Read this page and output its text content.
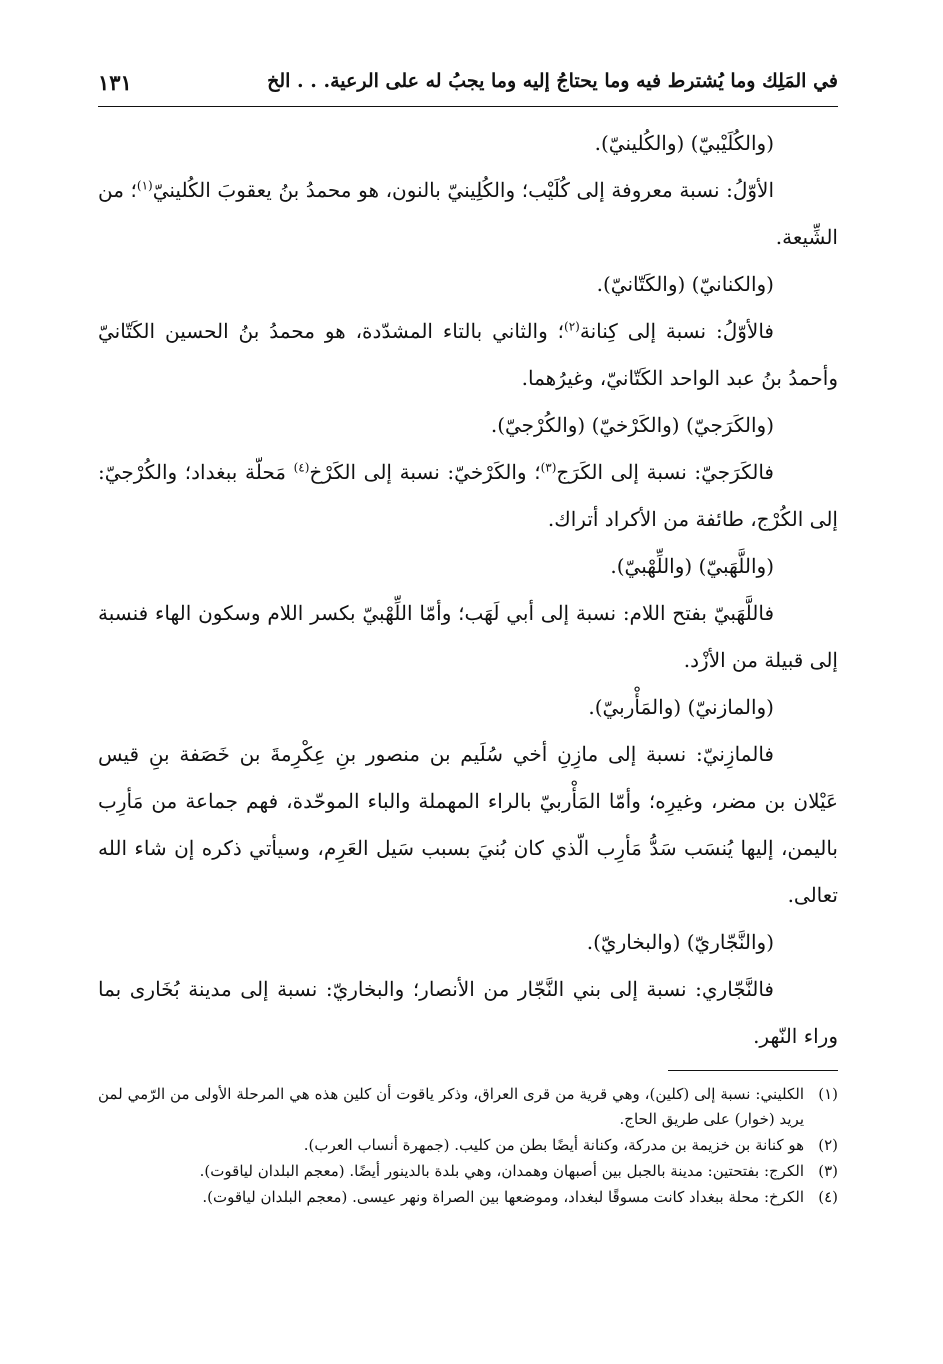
في المَلِك وما يُشترط فيه وما يحتاجُ إليه وما يجبُ له على الرعية. . . الخ
١٣١

(والكُلَيْبيّ) (والكُلينيّ).

الأوّلُ: نسبة معروفة إلى كُلَيْب؛ والكُلِينيّ بالنون، هو محمدُ بنُ يعقوبَ الكُلينيّ$^{(١)}$؛ من الشِّيعة.

(والكنانيّ) (والكَتّانيّ).

فالأوّلُ: نسبة إلى كِنانة$^{(٢)}$؛ والثاني بالتاء المشدّدة، هو محمدُ بنُ الحسين الكَتّانيّ وأحمدُ بنُ عبد الواحد الكَتّانيّ، وغيرُهما.

(والكَرَجيّ) (والكَرْخيّ) (والكُرْجيّ).

فالكَرَجيّ: نسبة إلى الكَرَج$^{(٣)}$؛ والكَرْخيّ: نسبة إلى الكَرْخ$^{(٤)}$ مَحلّة ببغداد؛ والكُرْجيّ: إلى الكُرْج، طائفة من الأكراد أتراك.

(واللَّهَبيّ) (واللِّهْبيّ).

فاللَّهَبيّ بفتح اللام: نسبة إلى أبي لَهَب؛ وأمّا اللِّهْبيّ بكسر اللام وسكون الهاء فنسبة إلى قبيلة من الأزْد.

(والمازنيّ) (والمَأْربيّ).

فالمازِنيّ: نسبة إلى مازِنِ أخي سُلَيم بن منصور بنِ عِكْرِمةَ بن خَصَفة بنِ قيس عَيْلان بن مضر، وغيرِه؛ وأمّا المَأْربيّ بالراء المهملة والباء الموحّدة، فهم جماعة من مَأرِب باليمن، إليها يُنسَب سَدُّ مَأرِب الّذي كان بُنيَ بسبب سَيل العَرِم، وسيأتي ذكره إن شاء الله تعالى.

(والنَّجّاريّ) (والبخاريّ).

فالنَّجّاري: نسبة إلى بني النَّجّار من الأنصار؛ والبخاريّ: نسبة إلى مدينة بُخَارى بما وراء النّهر.

(١)
الكليني: نسبة إلى (كلين)، وهي قرية من قرى العراق، وذكر ياقوت أن كلين هذه هي المرحلة الأولى من الرّمي لمن يريد (خوار) على طريق الحاج.
(٢)
هو كنانة بن خزيمة بن مدركة، وكنانة أيضًا بطن من كليب. (جمهرة أنساب العرب).
(٣)
الكرج: بفتحتين: مدينة بالجبل بين أصبهان وهمدان، وهي بلدة بالدينور أيضًا. (معجم البلدان لياقوت).
(٤)
الكرخ: محلة ببغداد كانت مسوقًا لبغداد، وموضعها بين الصراة ونهر عيسى. (معجم البلدان لياقوت).
